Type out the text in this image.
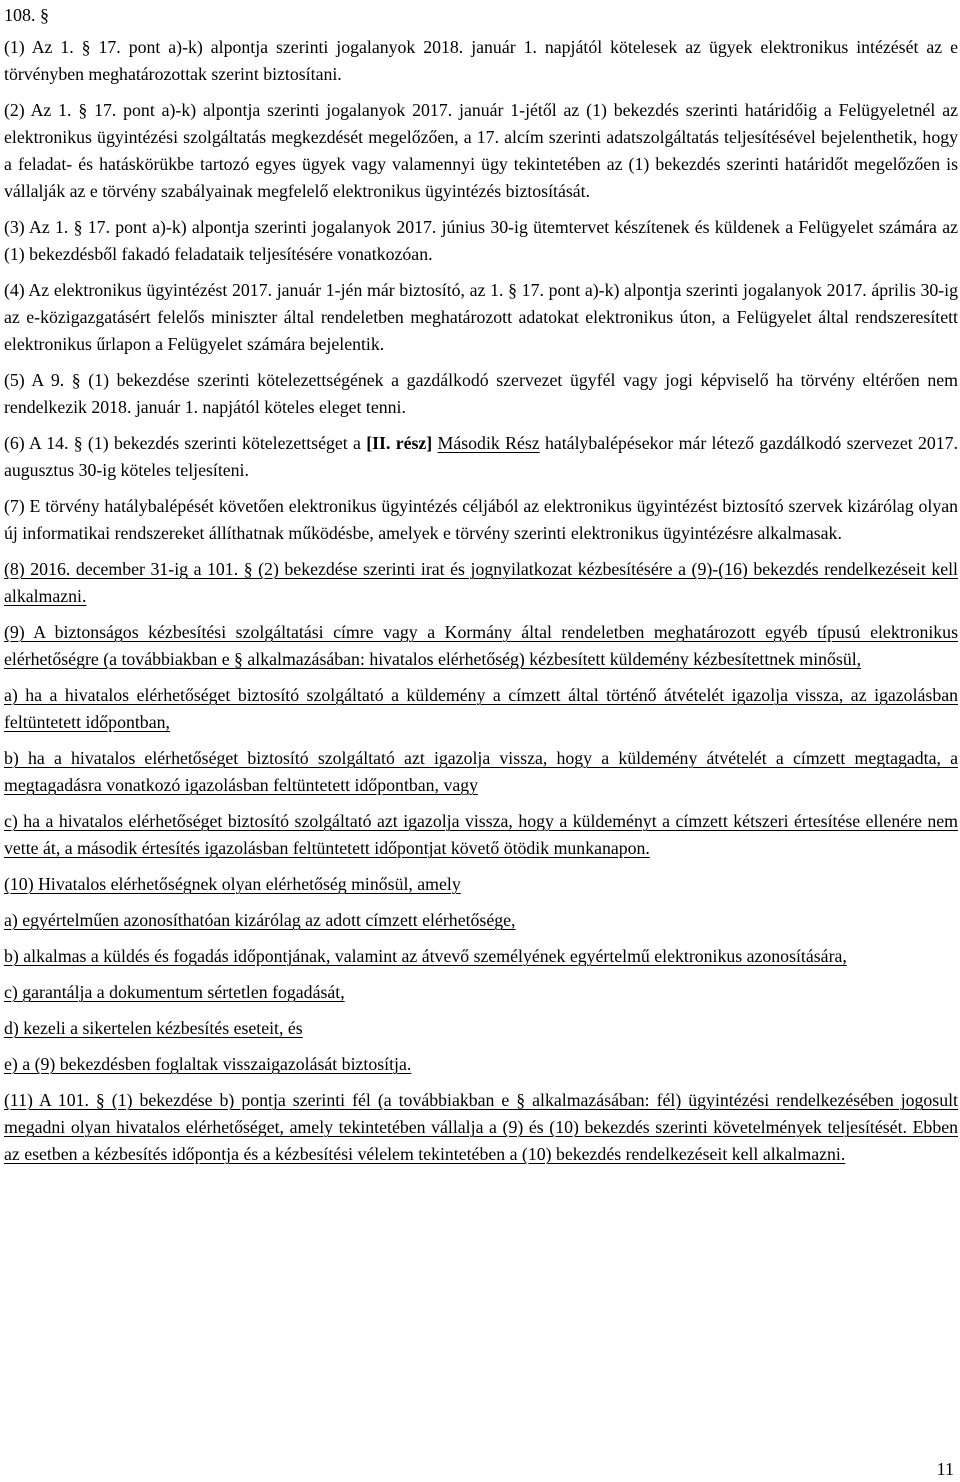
108. §

(1) Az 1. § 17. pont a)-k) alpontja szerinti jogalanyok 2018. január 1. napjától kötelesek az ügyek elektronikus intézését az e törvényben meghatározottak szerint biztosítani.

(2) Az 1. § 17. pont a)-k) alpontja szerinti jogalanyok 2017. január 1-jétől az (1) bekezdés szerinti határidőig a Felügyeletnél az elektronikus ügyintézési szolgáltatás megkezdését megelőzően, a 17. alcím szerinti adatszolgáltatás teljesítésével bejelenthetik, hogy a feladat- és hatáskörükbe tartozó egyes ügyek vagy valamennyi ügy tekintetében az (1) bekezdés szerinti határidőt megelőzően is vállalják az e törvény szabályainak megfelelő elektronikus ügyintézés biztosítását.

(3) Az 1. § 17. pont a)-k) alpontja szerinti jogalanyok 2017. június 30-ig ütemtervet készítenek és küldenek a Felügyelet számára az (1) bekezdésből fakadó feladataik teljesítésére vonatkozóan.

(4) Az elektronikus ügyintézést 2017. január 1-jén már biztosító, az 1. § 17. pont a)-k) alpontja szerinti jogalanyok 2017. április 30-ig az e-közigazgatásért felelős miniszter által rendeletben meghatározott adatokat elektronikus úton, a Felügyelet által rendszeresített elektronikus űrlapon a Felügyelet számára bejelentik.

(5) A 9. § (1) bekezdése szerinti kötelezettségének a gazdálkodó szervezet ügyfél vagy jogi képviselő ha törvény eltérően nem rendelkezik 2018. január 1. napjától köteles eleget tenni.

(6) A 14. § (1) bekezdés szerinti kötelezettséget a [II. rész] Második Rész hatálybalépésekor már létező gazdálkodó szervezet 2017. augusztus 30-ig köteles teljesíteni.

(7) E törvény hatálybalépését követően elektronikus ügyintézés céljából az elektronikus ügyintézést biztosító szervek kizárólag olyan új informatikai rendszereket állíthatnak működésbe, amelyek e törvény szerinti elektronikus ügyintézésre alkalmasak.

(8) 2016. december 31-ig a 101. § (2) bekezdése szerinti irat és jognyilatkozat kézbesítésére a (9)-(16) bekezdés rendelkezéseit kell alkalmazni.

(9) A biztonságos kézbesítési szolgáltatási címre vagy a Kormány által rendeletben meghatározott egyéb típusú elektronikus elérhetőségre (a továbbiakban e § alkalmazásában: hivatalos elérhetőség) kézbesített küldemény kézbesítettnek minősül,

a) ha a hivatalos elérhetőséget biztosító szolgáltató a küldemény a címzett által történő átvételét igazolja vissza, az igazolásban feltüntetett időpontban,

b) ha a hivatalos elérhetőséget biztosító szolgáltató azt igazolja vissza, hogy a küldemény átvételét a címzett megtagadta, a megtagadásra vonatkozó igazolásban feltüntetett időpontban, vagy

c) ha a hivatalos elérhetőséget biztosító szolgáltató azt igazolja vissza, hogy a küldeményt a címzett kétszeri értesítése ellenére nem vette át, a második értesítés igazolásban feltüntetett időpontjat követő ötödik munkanapon.

(10) Hivatalos elérhetőségnek olyan elérhetőség minősül, amely

a) egyértelműen azonosíthatóan kizárólag az adott címzett elérhetősége,

b) alkalmas a küldés és fogadás időpontjának, valamint az átvevő személyének egyértelmű elektronikus azonosítására,

c) garantálja a dokumentum sértetlen fogadását,

d) kezeli a sikertelen kézbesítés eseteit, és

e) a (9) bekezdésben foglaltak visszaigazolását biztosítja.

(11) A 101. § (1) bekezdése b) pontja szerinti fél (a továbbiakban e § alkalmazásában: fél) ügyintézési rendelkezésében jogosult megadni olyan hivatalos elérhetőséget, amely tekintetében vállalja a (9) és (10) bekezdés szerinti követelmények teljesítését. Ebben az esetben a kézbesítés időpontja és a kézbesítési vélelem tekintetében a (10) bekezdés rendelkezéseit kell alkalmazni.

11
